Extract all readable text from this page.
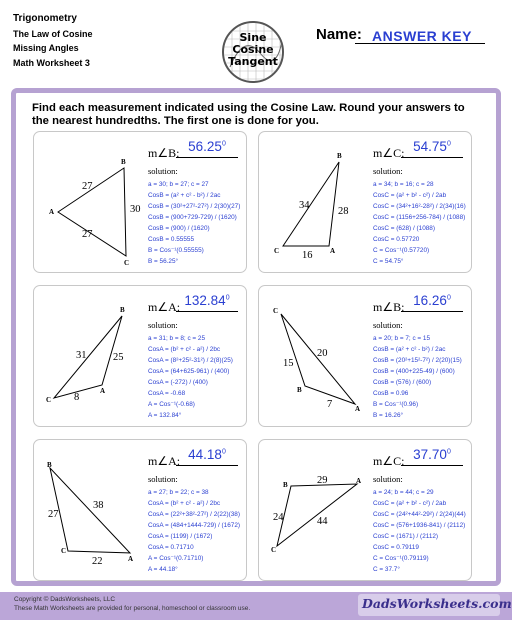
Trigonometry
The Law of Cosine
Missing Angles
Math Worksheet 3
Sine
Cosine
Tangent
Name: ANSWER KEY
Find each measurement indicated using the Cosine Law. Round your answers to the nearest hundredths. The first one is done for you.
A
B
C
27
30
27
m∠B: 56.25$^0$
solution:
a = 30; b = 27; c = 27
CosB = (a² + c² - b²) / 2ac
CosB = (30²+27²-27²) / 2(30)(27)
CosB = (900+729-729) / (1620)
CosB = (900) / (1620)
CosB = 0.55555
B = Cos⁻¹(0.55555)
B = 56.25°
B
A
C
34
28
16
m∠C: 54.75$^0$
solution:
a = 34; b = 16; c = 28
CosC = (a² + b² - c²) / 2ab
CosC = (34²+16²-28²) / 2(34)(16)
CosC = (1156+256-784) / (1088)
CosC = (628) / (1088)
CosC = 0.57720
C = Cos⁻¹(0.57720)
C = 54.75°
B
A
C
31	25
8
m∠A: 132.84$^0$
solution:
a = 31; b = 8; c = 25
CosA = (b² + c² - a²) / 2bc
CosA = (8²+25²-31²) / 2(8)(25)
CosA = (64+625-961) / (400)
CosA = (-272) / (400)
CosA = -0.68
A = Cos⁻¹(-0.68)
A = 132.84°
C
B
A
15
20
7
m∠B: 16.26$^0$
solution:
a = 20; b = 7; c = 15
CosB = (a² + c² - b²) / 2ac
CosB = (20²+15²-7²) / 2(20)(15)
CosB = (400+225-49) / (600)
CosB = (576) / (600)
CosB = 0.96
B = Cos⁻¹(0.96)
B = 16.26°
B
A
C
27
38
22
m∠A: 44.18$^0$
solution:
a = 27; b = 22; c = 38
CosA = (b² + c² - a²) / 2bc
CosA = (22²+38²-27²) / 2(22)(38)
CosA = (484+1444-729) / (1672)
CosA = (1199) / (1672)
CosA = 0.71710
A = Cos⁻¹(0.71710)
A = 44.18°
B	A
C
29
24	44
m∠C: 37.70$^0$
solution:
a = 24; b = 44; c = 29
CosC = (a² + b² - c²) / 2ab
CosC = (24²+44²-29²) / 2(24)(44)
CosC = (576+1936-841) / (2112)
CosC = (1671) / (2112)
CosC = 0.79119
C = Cos⁻¹(0.79119)
C = 37.7°
Copyright © DadsWorksheets, LLC
These Math Worksheets are provided for personal, homeschool or classroom use.	DadsWorksheets.com
